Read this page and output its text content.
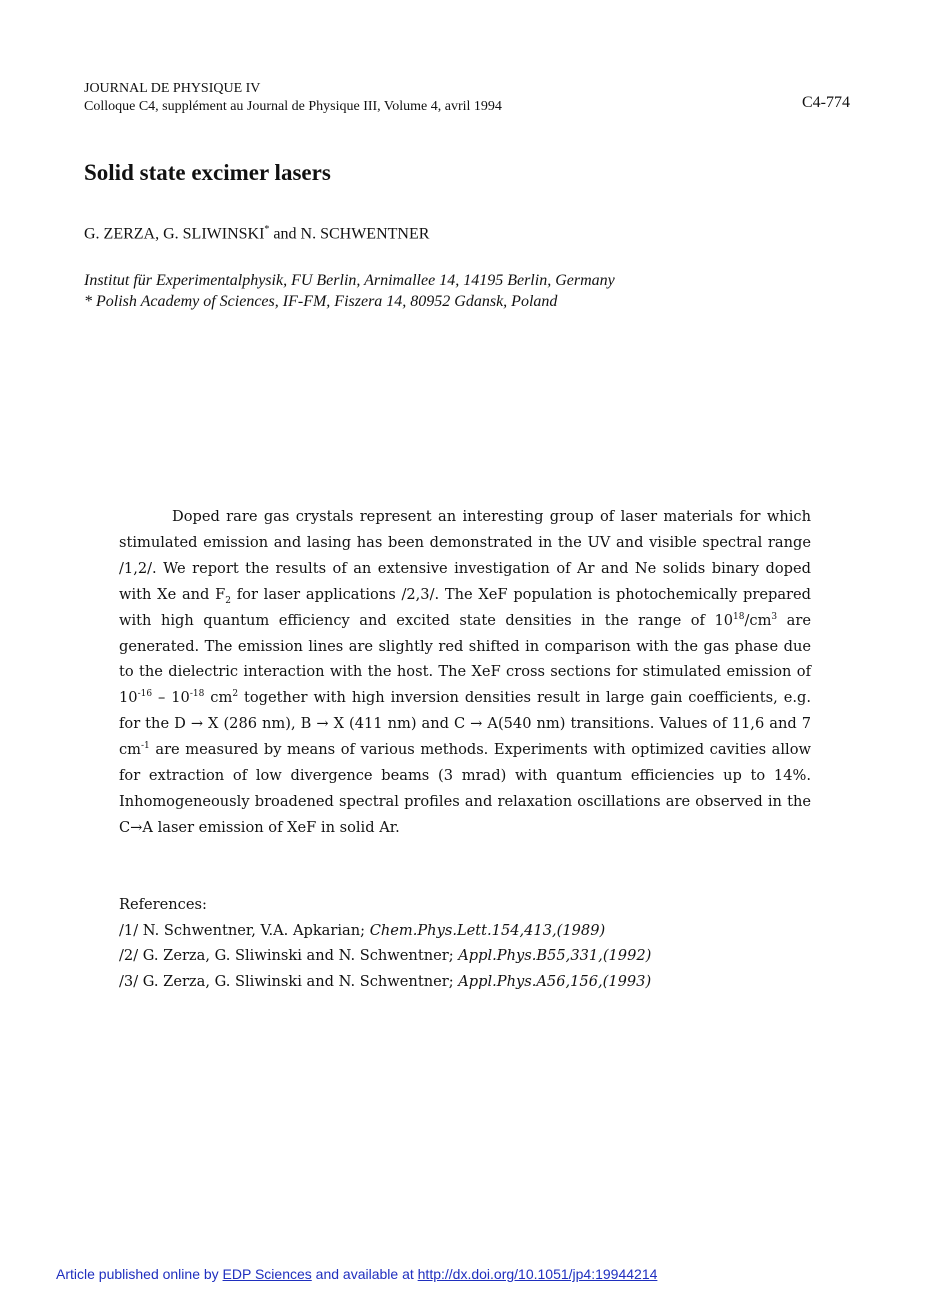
JOURNAL DE PHYSIQUE IV
Colloque C4, supplément au Journal de Physique III, Volume 4, avril 1994	C4-774
Solid state excimer lasers
G. ZERZA, G. SLIWINSKI* and N. SCHWENTNER
Institut für Experimentalphysik, FU Berlin, Arnimallee 14, 14195 Berlin, Germany
* Polish Academy of Sciences, IF-FM, Fiszera 14, 80952 Gdansk, Poland

Doped rare gas crystals represent an interesting group of laser materials for which stimulated emission and lasing has been demonstrated in the UV and visible spectral range /1,2/. We report the results of an extensive investigation of Ar and Ne solids binary doped with Xe and $F_2$ for laser applications /2,3/. The XeF population is photochemically prepared with high quantum efficiency and excited state densities in the range of $10^{18}/cm^3$ are generated. The emission lines are slightly red shifted in comparison with the gas phase due to the dielectric interaction with the host. The XeF cross sections for stimulated emission of $10^{-16} - 10^{-18}$ $cm^2$ together with high inversion densities result in large gain coefficients, e.g. for the D → X (286 nm), B → X (411 nm) and C → A(540 nm) transitions. Values of 11,6 and 7 $cm^{-1}$ are measured by means of various methods. Experiments with optimized cavities allow for extraction of low divergence beams (3 mrad) with quantum efficiencies up to 14%. Inhomogeneously broadened spectral profiles and relaxation oscillations are observed in the C→A laser emission of XeF in solid Ar.

References:
/1/ N. Schwentner, V.A. Apkarian; Chem.Phys.Lett.154,413,(1989)
/2/ G. Zerza, G. Sliwinski and N. Schwentner; Appl.Phys.B55,331,(1992)
/3/ G. Zerza, G. Sliwinski and N. Schwentner; Appl.Phys.A56,156,(1993)
Article published online by EDP Sciences and available at http://dx.doi.org/10.1051/jp4:19944214
